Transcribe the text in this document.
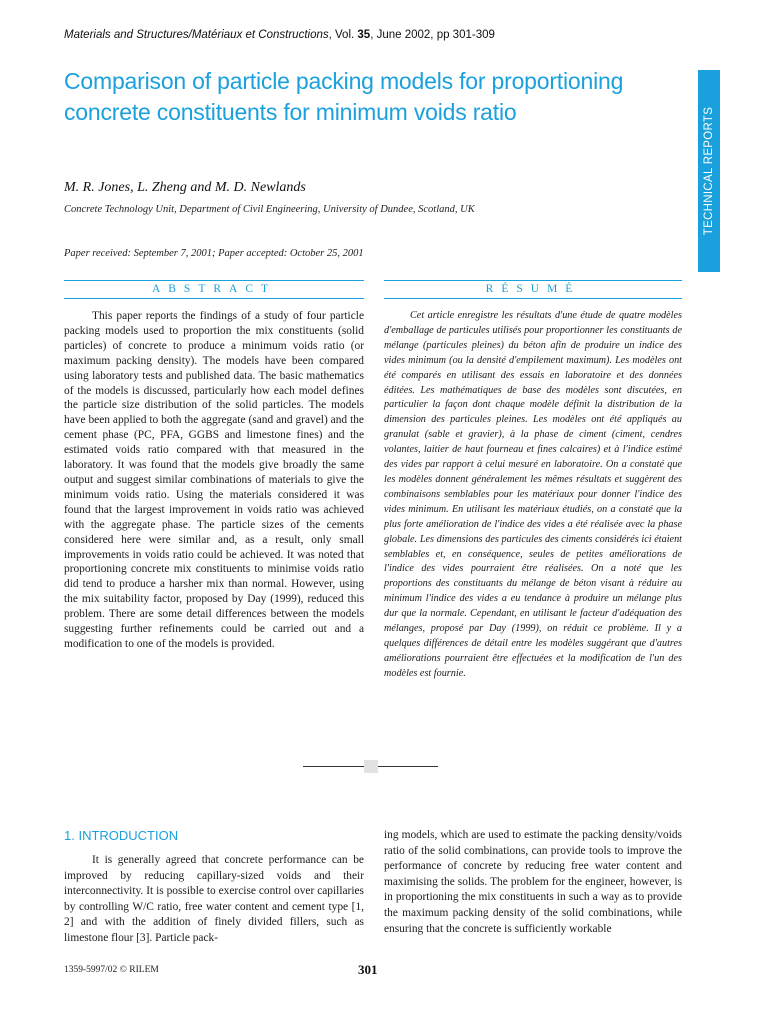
Materials and Structures/Matériaux et Constructions, Vol. 35, June 2002, pp 301-309
TECHNICAL REPORTS
Comparison of particle packing models for proportioning concrete constituents for minimum voids ratio
M. R. Jones, L. Zheng and M. D. Newlands
Concrete Technology Unit, Department of Civil Engineering, University of Dundee, Scotland, UK
Paper received: September 7, 2001; Paper accepted: October 25, 2001
ABSTRACT	RÉSUMÉ

This paper reports the findings of a study of four particle packing models used to proportion the mix constituents (solid particles) of concrete to produce a minimum voids ratio (or maximum packing density). The models have been compared using laboratory tests and published data. The basic mathematics of the models is discussed, particularly how each model defines the particle size distribution of the solid particles. The models have been applied to both the aggregate (sand and gravel) and the cement phase (PC, PFA, GGBS and limestone fines) and the estimated voids ratio compared with that measured in the laboratory. It was found that the models give broadly the same output and suggest similar combinations of materials to give the minimum voids ratio. Using the materials considered it was found that the largest improvement in voids ratio was achieved with the aggregate phase. The particle sizes of the cements considered here were similar and, as a result, only small improvements in voids ratio could be achieved. It was noted that proportioning concrete mix constituents to minimise voids ratio did tend to produce a harsher mix than normal. However, using the mix suitability factor, proposed by Day (1999), reduced this problem. There are some detail differences between the models suggesting further refinements could be carried out and a modification to one of the models is provided.

Cet article enregistre les résultats d'une étude de quatre modèles d'emballage de particules utilisés pour proportionner les constituants de mélange (particules pleines) du béton afin de produire un indice des vides minimum (ou la densité d'empilement maximum). Les modèles ont été comparés en utilisant des essais en laboratoire et des données éditées. Les mathématiques de base des modèles sont discutées, en particulier la façon dont chaque modèle définit la distribution de la dimension des particules pleines. Les modèles ont été appliqués au granulat (sable et gravier), à la phase de ciment (ciment, cendres volantes, laitier de haut fourneau et fines calcaires) et à l'indice estimé des vides par rapport à celui mesuré en laboratoire. On a constaté que les modèles donnent généralement les mêmes résultats et suggèrent des combinaisons semblables pour les matériaux pour donner l'indice des vides minimum. En utilisant les matériaux étudiés, on a constaté que la plus forte amélioration de l'indice des vides a été réalisée avec la phase globale. Les dimensions des particules des ciments considérés ici étaient semblables et, en conséquence, seules de petites améliorations de l'indice des vides pourraient être réalisées. On a noté que les proportions des constituants du mélange de béton visant à réduire au minimum l'indice des vides a eu tendance à produire un mélange plus dur que la normale. Cependant, en utilisant le facteur d'adéquation des mélanges, proposé par Day (1999), on réduit ce problème. Il y a quelques différences de détail entre les modèles suggérant que d'autres améliorations pourraient être effectuées et la modification de l'un des modèles est fournie.

1. INTRODUCTION

It is generally agreed that concrete performance can be improved by reducing capillary-sized voids and their interconnectivity. It is possible to exercise control over capillaries by controlling W/C ratio, free water content and cement type [1, 2] and with the addition of finely divided fillers, such as limestone flour [3]. Particle pack-

ing models, which are used to estimate the packing density/voids ratio of the solid combinations, can provide tools to improve the performance of concrete by reducing free water content and maximising the solids. The problem for the engineer, however, is in proportioning the mix constituents in such a way as to provide the maximum packing density of the solid combinations, while ensuring that the concrete is sufficiently workable

1359-5997/02 © RILEM	301
